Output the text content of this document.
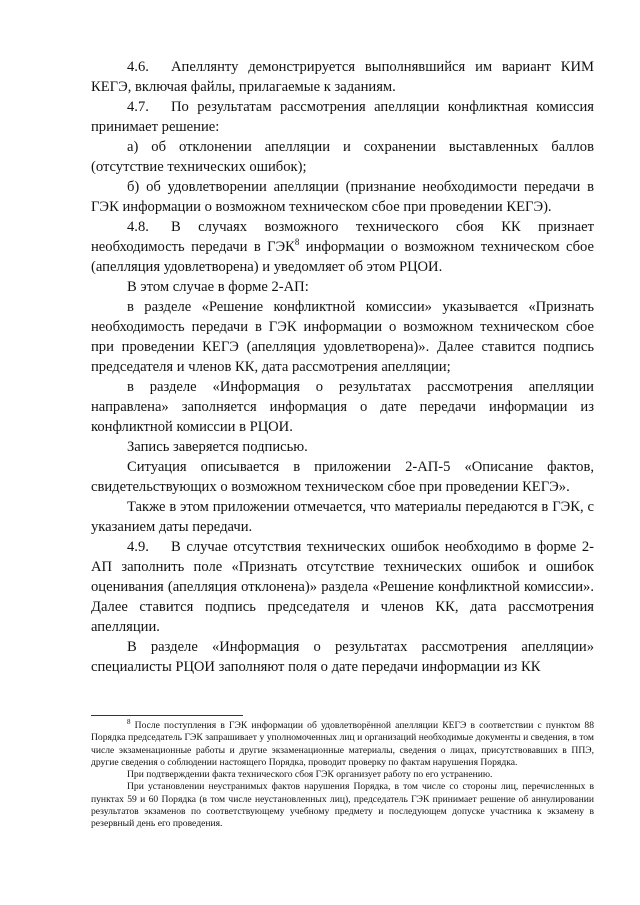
4.6. Апеллянту демонстрируется выполнявшийся им вариант КИМ КЕГЭ, включая файлы, прилагаемые к заданиям.

4.7. По результатам рассмотрения апелляции конфликтная комиссия принимает решение:

а) об отклонении апелляции и сохранении выставленных баллов (отсутствие технических ошибок);

б) об удовлетворении апелляции (признание необходимости передачи в ГЭК информации о возможном техническом сбое при проведении КЕГЭ).

4.8. В случаях возможного технического сбоя КК признает необходимость передачи в ГЭК$^8$ информации о возможном техническом сбое (апелляция удовлетворена) и уведомляет об этом РЦОИ.

В этом случае в форме 2-АП:

в разделе «Решение конфликтной комиссии» указывается «Признать необходимость передачи в ГЭК информации о возможном техническом сбое при проведении КЕГЭ (апелляция удовлетворена)». Далее ставится подпись председателя и членов КК, дата рассмотрения апелляции;

в разделе «Информация о результатах рассмотрения апелляции направлена» заполняется информация о дате передачи информации из конфликтной комиссии в РЦОИ.

Запись заверяется подписью.

Ситуация описывается в приложении 2-АП-5 «Описание фактов, свидетельствующих о возможном техническом сбое при проведении КЕГЭ».

Также в этом приложении отмечается, что материалы передаются в ГЭК, с указанием даты передачи.

4.9. В случае отсутствия технических ошибок необходимо в форме 2-АП заполнить поле «Признать отсутствие технических ошибок и ошибок оценивания (апелляция отклонена)» раздела «Решение конфликтной комиссии». Далее ставится подпись председателя и членов КК, дата рассмотрения апелляции.

В разделе «Информация о результатах рассмотрения апелляции» специалисты РЦОИ заполняют поля о дате передачи информации из КК

$^8$ После поступления в ГЭК информации об удовлетворённой апелляции КЕГЭ в соответствии с пунктом 88 Порядка председатель ГЭК запрашивает у уполномоченных лиц и организаций необходимые документы и сведения, в том числе экзаменационные работы и другие экзаменационные материалы, сведения о лицах, присутствовавших в ППЭ, другие сведения о соблюдении настоящего Порядка, проводит проверку по фактам нарушения Порядка.

При подтверждении факта технического сбоя ГЭК организует работу по его устранению.

При установлении неустранимых фактов нарушения Порядка, в том числе со стороны лиц, перечисленных в пунктах 59 и 60 Порядка (в том числе неустановленных лиц), председатель ГЭК принимает решение об аннулировании результатов экзаменов по соответствующему учебному предмету и последующем допуске участника к экзамену в резервный день его проведения.
